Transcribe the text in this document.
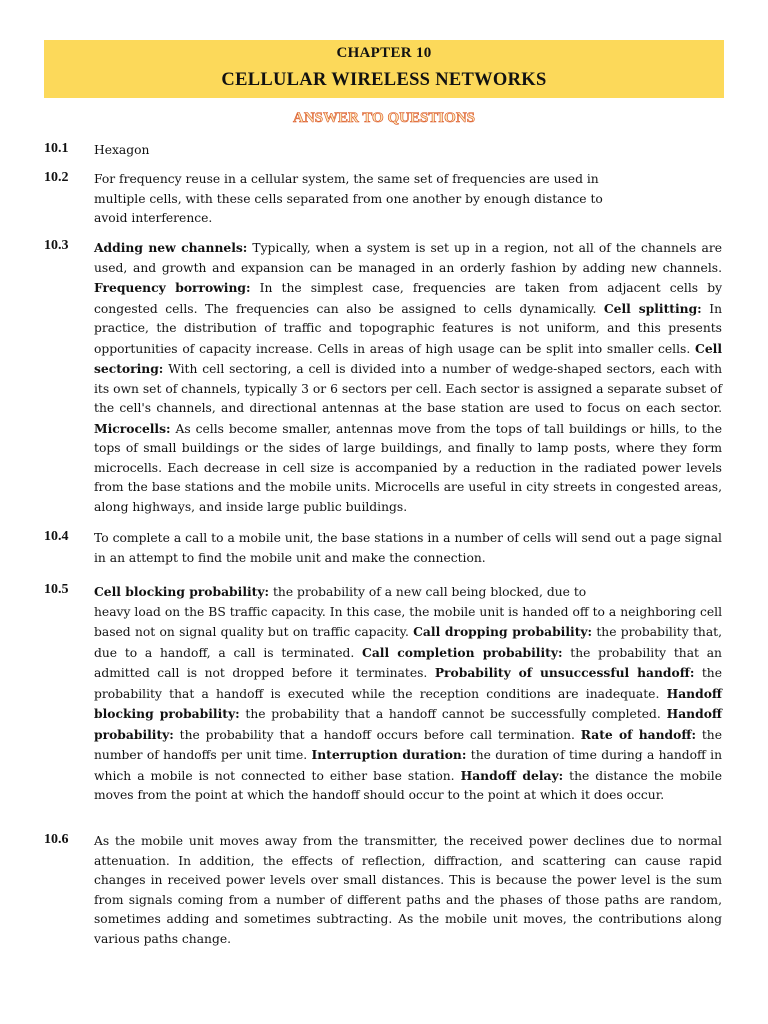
CHAPTER 10
CELLULAR WIRELESS NETWORKS
ANSWER TO QUESTIONS
10.1 Hexagon
10.2 For frequency reuse in a cellular system, the same set of frequencies are used in
multiple cells, with these cells separated from one another by enough distance to
avoid interference.
10.3 Adding new channels: Typically, when a system is set up in a region, not all of the channels are used, and growth and expansion can be managed in an orderly fashion by adding new channels. Frequency borrowing: In the simplest case, frequencies are taken from adjacent cells by congested cells. The frequencies can also be assigned to cells dynamically. Cell splitting: In practice, the distribution of traffic and topographic features is not uniform, and this presents opportunities of capacity increase. Cells in areas of high usage can be split into smaller cells. Cell sectoring: With cell sectoring, a cell is divided into a number of wedge-shaped sectors, each with its own set of channels, typically 3 or 6 sectors per cell. Each sector is assigned a separate subset of the cell's channels, and directional antennas at the base station are used to focus on each sector. Microcells: As cells become smaller, antennas move from the tops of tall buildings or hills, to the tops of small buildings or the sides of large buildings, and finally to lamp posts, where they form microcells. Each decrease in cell size is accompanied by a reduction in the radiated power levels from the base stations and the mobile units. Microcells are useful in city streets in congested areas, along highways, and inside large public buildings.
10.4 To complete a call to a mobile unit, the base stations in a number of cells will send out a page signal in an attempt to find the mobile unit and make the connection.
10.5 Cell blocking probability: the probability of a new call being blocked, due to
heavy load on the BS traffic capacity. In this case, the mobile unit is handed off to a neighboring cell based not on signal quality but on traffic capacity. Call dropping probability: the probability that, due to a handoff, a call is terminated. Call completion probability: the probability that an admitted call is not dropped before it terminates. Probability of unsuccessful handoff: the probability that a handoff is executed while the reception conditions are inadequate. Handoff blocking probability: the probability that a handoff cannot be successfully completed. Handoff probability: the probability that a handoff occurs before call termination. Rate of handoff: the number of handoffs per unit time. Interruption duration: the duration of time during a handoff in which a mobile is not connected to either base station. Handoff delay: the distance the mobile moves from the point at which the handoff should occur to the point at which it does occur.
10.6 As the mobile unit moves away from the transmitter, the received power declines due to normal attenuation. In addition, the effects of reflection, diffraction, and scattering can cause rapid changes in received power levels over small distances. This is because the power level is the sum from signals coming from a number of different paths and the phases of those paths are random, sometimes adding and sometimes subtracting. As the mobile unit moves, the contributions along various paths change.
